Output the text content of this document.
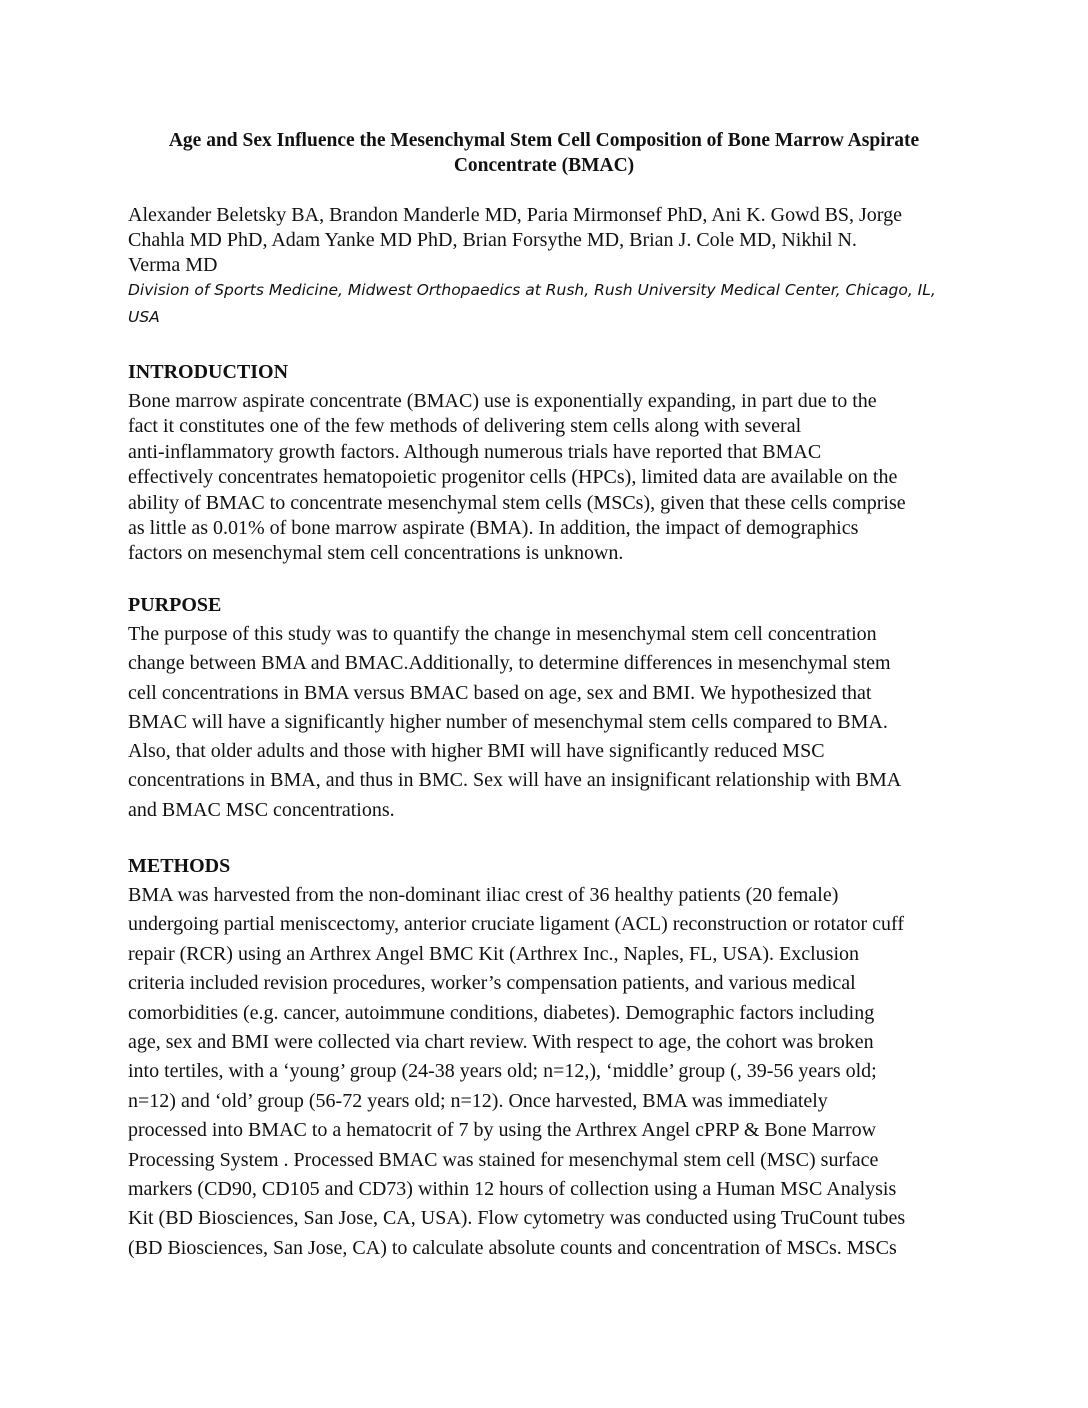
Age and Sex Influence the Mesenchymal Stem Cell Composition of Bone Marrow Aspirate
Concentrate (BMAC)
Alexander Beletsky BA, Brandon Manderle MD, Paria Mirmonsef PhD, Ani K. Gowd BS, Jorge
Chahla MD PhD, Adam Yanke MD PhD, Brian Forsythe MD, Brian J. Cole MD, Nikhil N.
Verma MD
Division of Sports Medicine, Midwest Orthopaedics at Rush, Rush University Medical Center, Chicago, IL,
USA
INTRODUCTION
Bone marrow aspirate concentrate (BMAC) use is exponentially expanding, in part due to the
fact it constitutes one of the few methods of delivering stem cells along with several
anti-inflammatory growth factors. Although numerous trials have reported that BMAC
effectively concentrates hematopoietic progenitor cells (HPCs), limited data are available on the
ability of BMAC to concentrate mesenchymal stem cells (MSCs), given that these cells comprise
as little as 0.01% of bone marrow aspirate (BMA). In addition, the impact of demographics
factors on mesenchymal stem cell concentrations is unknown.
PURPOSE
The purpose of this study was to quantify the change in mesenchymal stem cell concentration
change between BMA and BMAC.Additionally, to determine differences in mesenchymal stem
cell concentrations in BMA versus BMAC based on age, sex and BMI. We hypothesized that
BMAC will have a significantly higher number of mesenchymal stem cells compared to BMA.
Also, that older adults and those with higher BMI will have significantly reduced MSC
concentrations in BMA, and thus in BMC. Sex will have an insignificant relationship with BMA
and BMAC MSC concentrations.
METHODS
BMA was harvested from the non-dominant iliac crest of 36 healthy patients (20 female)
undergoing partial meniscectomy, anterior cruciate ligament (ACL) reconstruction or rotator cuff
repair (RCR) using an Arthrex Angel BMC Kit (Arthrex Inc., Naples, FL, USA). Exclusion
criteria included revision procedures, worker’s compensation patients, and various medical
comorbidities (e.g. cancer, autoimmune conditions, diabetes). Demographic factors including
age, sex and BMI were collected via chart review. With respect to age, the cohort was broken
into tertiles, with a ‘young’ group (24-38 years old; n=12,), ‘middle’ group (, 39-56 years old;
n=12) and ‘old’ group (56-72 years old; n=12). Once harvested, BMA was immediately
processed into BMAC to a hematocrit of 7 by using the Arthrex Angel cPRP & Bone Marrow
Processing System . Processed BMAC was stained for mesenchymal stem cell (MSC) surface
markers (CD90, CD105 and CD73) within 12 hours of collection using a Human MSC Analysis
Kit (BD Biosciences, San Jose, CA, USA). Flow cytometry was conducted using TruCount tubes
(BD Biosciences, San Jose, CA) to calculate absolute counts and concentration of MSCs. MSCs
